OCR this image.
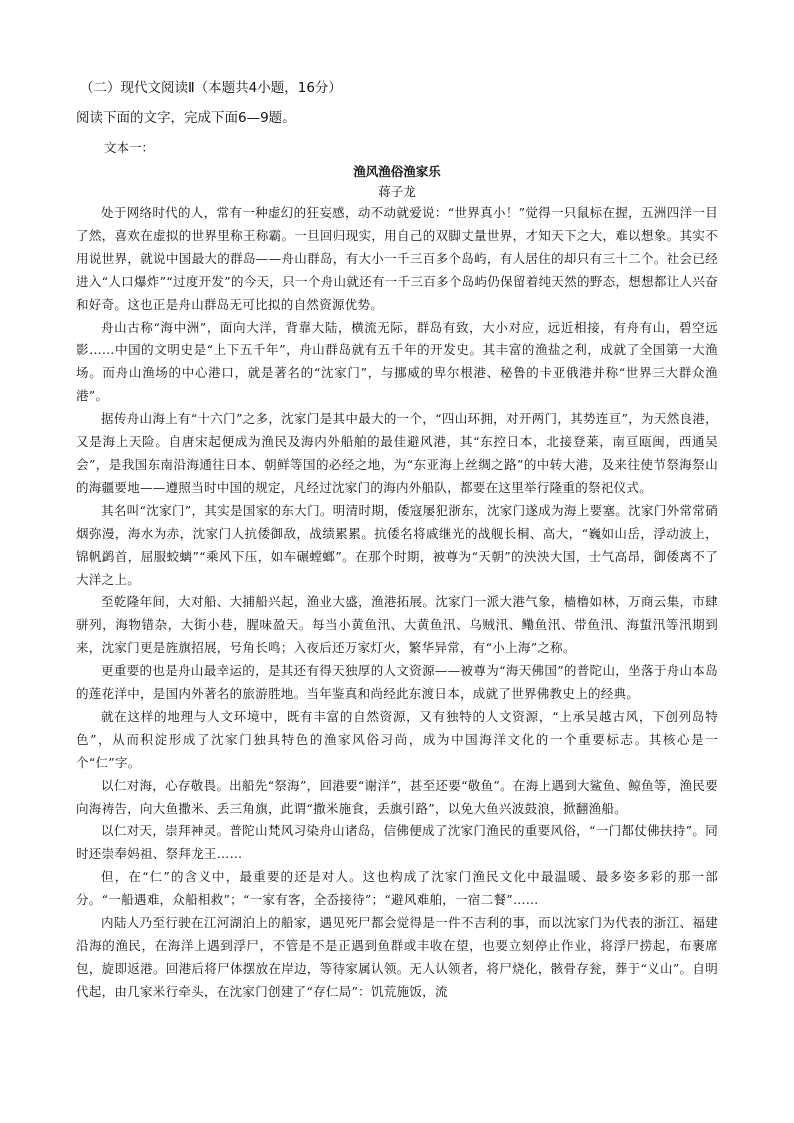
（二）现代文阅读Ⅱ（本题共4小题，16分）
阅读下面的文字，完成下面6—9题。
文本一：
渔风渔俗渔家乐
蒋子龙

处于网络时代的人，常有一种虚幻的狂妄感，动不动就爱说：“世界真小！”觉得一只鼠标在握，五洲四洋一目了然，喜欢在虚拟的世界里称王称霸。一旦回归现实，用自己的双脚丈量世界，才知天下之大，难以想象。其实不用说世界，就说中国最大的群岛——舟山群岛，有大小一千三百多个岛屿，有人居住的却只有三十二个。社会已经进入“人口爆炸”“过度开发”的今天，只一个舟山就还有一千三百多个岛屿仍保留着纯天然的野态，想想都让人兴奋和好奇。这也正是舟山群岛无可比拟的自然资源优势。

舟山古称“海中洲”，面向大洋，背靠大陆，横流无际，群岛有致，大小对应，远近相接，有舟有山，碧空远影……中国的文明史是“上下五千年”，舟山群岛就有五千年的开发史。其丰富的渔盐之利，成就了全国第一大渔场。而舟山渔场的中心港口，就是著名的“沈家门”，与挪威的卑尔根港、秘鲁的卡亚俄港并称“世界三大群众渔港”。

据传舟山海上有“十六门”之多，沈家门是其中最大的一个，“四山环拥，对开两门，其势连亘”，为天然良港，又是海上天险。自唐宋起便成为渔民及海内外船舶的最佳避风港，其“东控日本，北接登莱，南亘瓯闽，西通吴会”，是我国东南沿海通往日本、朝鲜等国的必经之地，为“东亚海上丝绸之路”的中转大港，及来往使节祭海祭山的海疆要地——遵照当时中国的规定，凡经过沈家门的海内外船队，都要在这里举行隆重的祭祀仪式。

其名叫“沈家门”，其实是国家的东大门。明清时期，倭寇屡犯浙东，沈家门遂成为海上要塞。沈家门外常常硝烟弥漫，海水为赤，沈家门人抗倭御敌，战绩累累。抗倭名将戚继光的战舰长桐、高大，“巍如山岳，浮动波上，锦帆鹢首，屈服蛟螭”“乘风下压，如车碾螳螂”。在那个时期，被尊为“天朝”的泱泱大国，士气高昂，御倭离不了大洋之上。

至乾隆年间，大对船、大捕船兴起，渔业大盛，渔港拓展。沈家门一派大港气象，樯橹如林，万商云集，市肆骈列，海物错杂，大街小巷，腥味盈天。每当小黄鱼汛、大黄鱼汛、乌贼汛、鳓鱼汛、带鱼汛、海蜇汛等汛期到来，沈家门更是旌旗招展，号角长鸣；入夜后还万家灯火，繁华异常，有“小上海”之称。

更重要的也是舟山最幸运的，是其还有得天独厚的人文资源——被尊为“海天佛国”的普陀山，坐落于舟山本岛的莲花洋中，是国内外著名的旅游胜地。当年鉴真和尚经此东渡日本，成就了世界佛教史上的经典。

就在这样的地理与人文环境中，既有丰富的自然资源，又有独特的人文资源，“上承吴越古风，下创列岛特色”，从而积淀形成了沈家门独具特色的渔家风俗习尚，成为中国海洋文化的一个重要标志。其核心是一个“仁”字。

以仁对海，心存敬畏。出船先“祭海”，回港要“谢洋”，甚至还要“敬鱼”。在海上遇到大鲨鱼、鲸鱼等，渔民要向海祷告，向大鱼撒米、丢三角旗，此谓“撒米施食，丢旗引路”，以免大鱼兴波鼓浪，掀翻渔船。

以仁对天，崇拜神灵。普陀山梵风习染舟山诸岛，信佛便成了沈家门渔民的重要风俗，“一门都仗佛扶持”。同时还崇奉妈祖、祭拜龙王……

但，在“仁”的含义中，最重要的还是对人。这也构成了沈家门渔民文化中最温暖、最多姿多彩的那一部分。“一船遇难，众船相救”；“一家有客，全岙接待”；“避风难舶，一宿二餐”……

内陆人乃至行驶在江河湖泊上的船家，遇见死尸都会觉得是一件不吉利的事，而以沈家门为代表的浙江、福建沿海的渔民，在海洋上遇到浮尸，不管是不是正遇到鱼群或丰收在望，也要立刻停止作业，将浮尸捞起，布裹席包，旋即返港。回港后将尸体摆放在岸边，等待家属认领。无人认领者，将尸烧化，骸骨存瓮，葬于“义山”。自明代起，由几家米行牵头，在沈家门创建了“存仁局”：饥荒施饭，流
